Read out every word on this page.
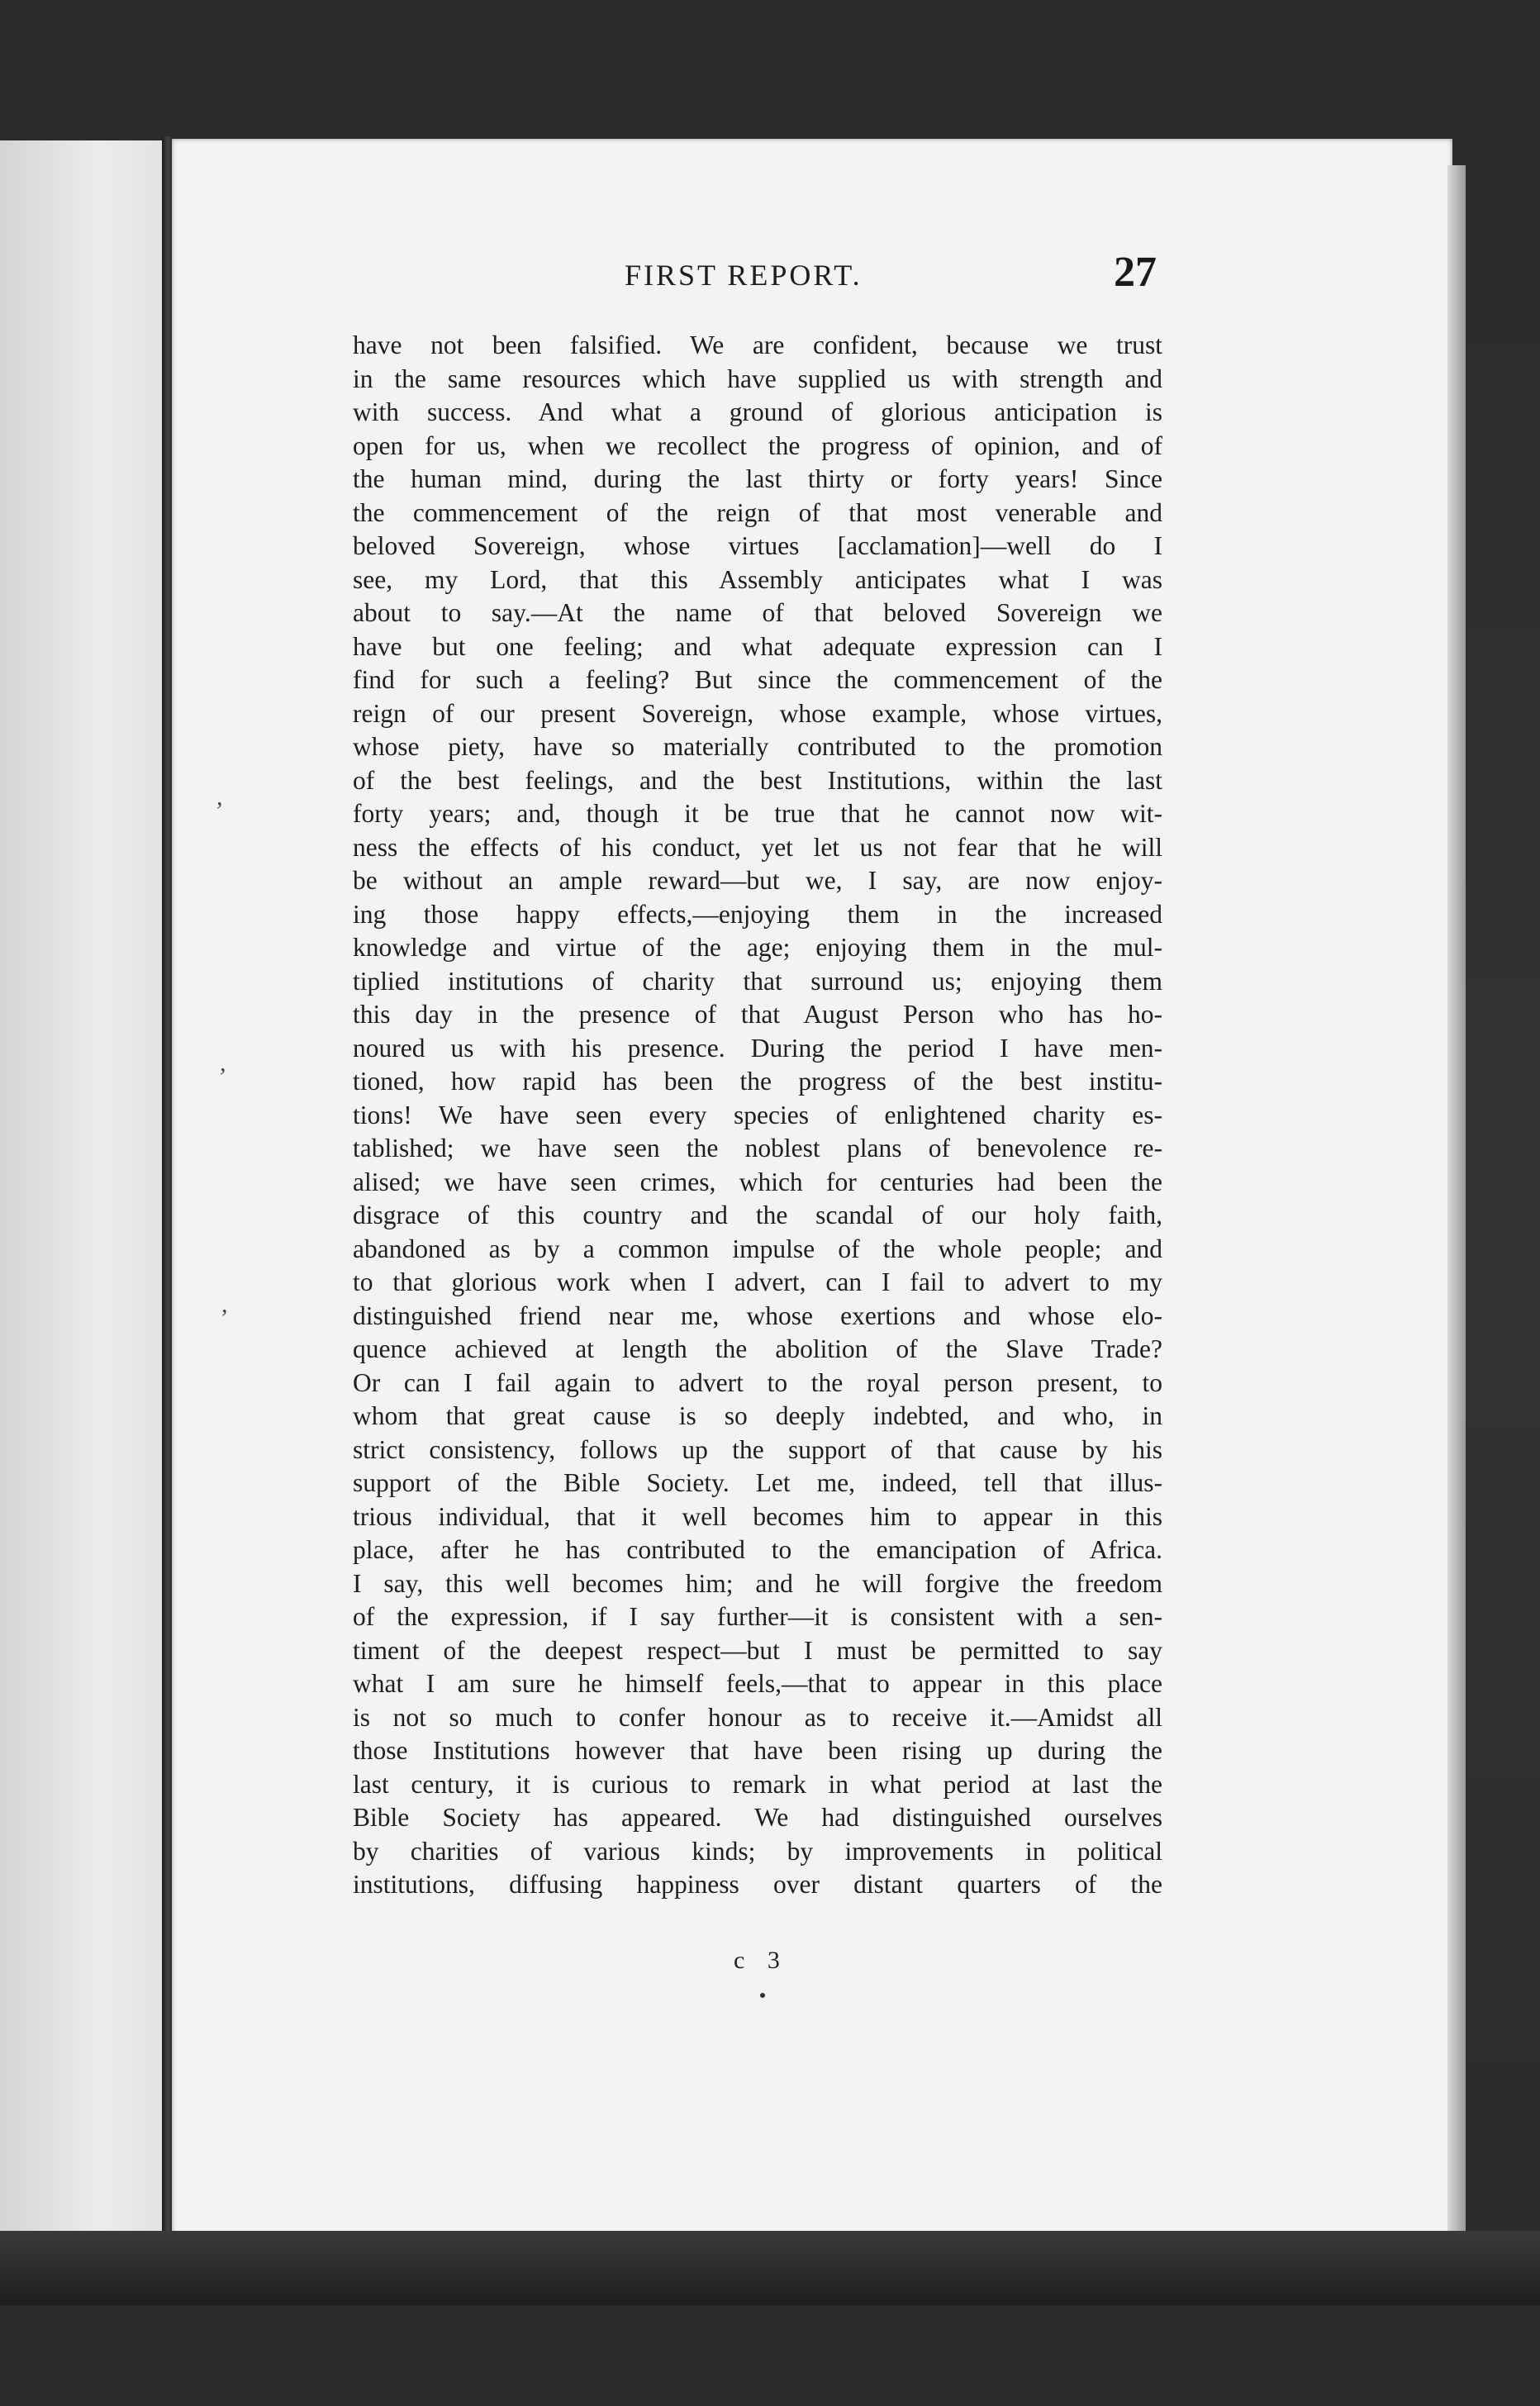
FIRST REPORT.	27
have not been falsified. We are confident, because we trust
in the same resources which have supplied us with strength and
with success. And what a ground of glorious anticipation is
open for us, when we recollect the progress of opinion, and of
the human mind, during the last thirty or forty years! Since
the commencement of the reign of that most venerable and
beloved Sovereign, whose virtues [acclamation]—well do I
see, my Lord, that this Assembly anticipates what I was
about to say.—At the name of that beloved Sovereign we
have but one feeling; and what adequate expression can I
find for such a feeling? But since the commencement of the
reign of our present Sovereign, whose example, whose virtues,
whose piety, have so materially contributed to the promotion
of the best feelings, and the best Institutions, within the last
forty years; and, though it be true that he cannot now wit-
ness the effects of his conduct, yet let us not fear that he will
be without an ample reward—but we, I say, are now enjoy-
ing those happy effects,—enjoying them in the increased
knowledge and virtue of the age; enjoying them in the mul-
tiplied institutions of charity that surround us; enjoying them
this day in the presence of that August Person who has ho-
noured us with his presence. During the period I have men-
tioned, how rapid has been the progress of the best institu-
tions! We have seen every species of enlightened charity es-
tablished; we have seen the noblest plans of benevolence re-
alised; we have seen crimes, which for centuries had been the
disgrace of this country and the scandal of our holy faith,
abandoned as by a common impulse of the whole people; and
to that glorious work when I advert, can I fail to advert to my
distinguished friend near me, whose exertions and whose elo-
quence achieved at length the abolition of the Slave Trade?
Or can I fail again to advert to the royal person present, to
whom that great cause is so deeply indebted, and who, in
strict consistency, follows up the support of that cause by his
support of the Bible Society. Let me, indeed, tell that illus-
trious individual, that it well becomes him to appear in this
place, after he has contributed to the emancipation of Africa.
I say, this well becomes him; and he will forgive the freedom
of the expression, if I say further—it is consistent with a sen-
timent of the deepest respect—but I must be permitted to say
what I am sure he himself feels,—that to appear in this place
is not so much to confer honour as to receive it.—Amidst all
those Institutions however that have been rising up during the
last century, it is curious to remark in what period at last the
Bible Society has appeared. We had distinguished ourselves
by charities of various kinds; by improvements in political
institutions, diffusing happiness over distant quarters of the
,
,
,
c 3
